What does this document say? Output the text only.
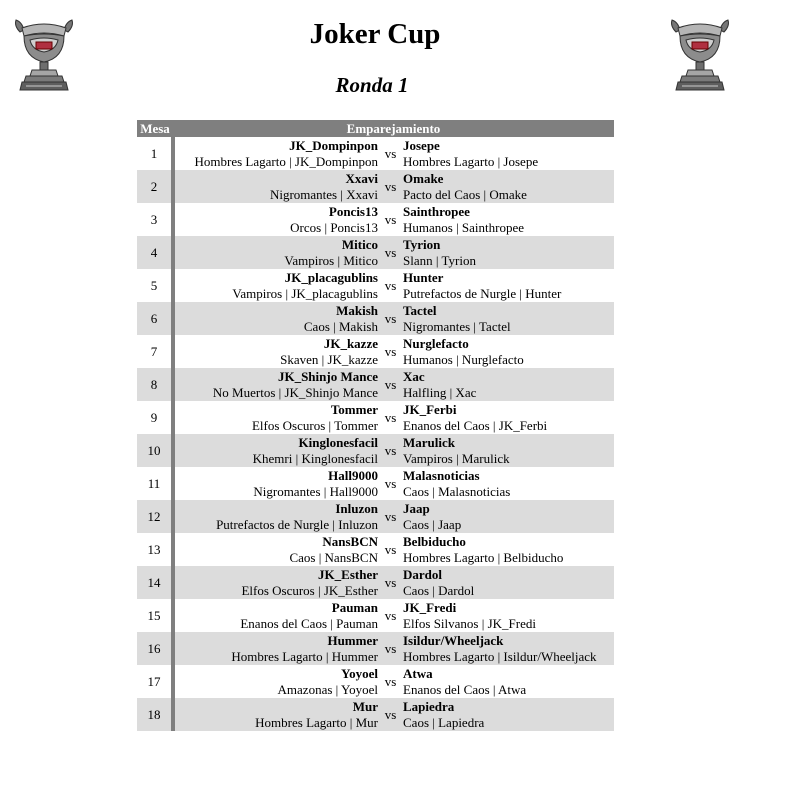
Joker Cup
Ronda 1
Mesa	Emparejamiento		
1	JK_Dompinpon
Hombres Lagarto | JK_Dompinpon	vs	Josepe
Hombres Lagarto | Josepe

2	Xxavi
Nigromantes | Xxavi	vs	Omake
Pacto del Caos | Omake

3	Poncis13
Orcos | Poncis13	vs	Sainthropee
Humanos | Sainthropee

4	Mitico
Vampiros | Mitico	vs	Tyrion
Slann | Tyrion

5	JK_placagublins
Vampiros | JK_placagublins	vs	Hunter
Putrefactos de Nurgle | Hunter

6	Makish
Caos | Makish	vs	Tactel
Nigromantes | Tactel

7	JK_kazze
Skaven | JK_kazze	vs	Nurglefacto
Humanos | Nurglefacto

8	JK_Shinjo Mance
No Muertos | JK_Shinjo Mance	vs	Xac
Halfling | Xac

9	Tommer
Elfos Oscuros | Tommer	vs	JK_Ferbi
Enanos del Caos | JK_Ferbi

10	Kinglonesfacil
Khemri | Kinglonesfacil	vs	Marulick
Vampiros | Marulick

11	Hall9000
Nigromantes | Hall9000	vs	Malasnoticias
Caos | Malasnoticias

12	Inluzon
Putrefactos de Nurgle | Inluzon	vs	Jaap
Caos | Jaap

13	NansBCN
Caos | NansBCN	vs	Belbiducho
Hombres Lagarto | Belbiducho

14	JK_Esther
Elfos Oscuros | JK_Esther	vs	Dardol
Caos | Dardol

15	Pauman
Enanos del Caos | Pauman	vs	JK_Fredi
Elfos Silvanos | JK_Fredi

16	Hummer
Hombres Lagarto | Hummer	vs	Isildur/Wheeljack
Hombres Lagarto | Isildur/Wheeljack

17	Yoyoel
Amazonas | Yoyoel	vs	Atwa
Enanos del Caos | Atwa

18	Mur
Hombres Lagarto | Mur	vs	Lapiedra
Caos | Lapiedra
